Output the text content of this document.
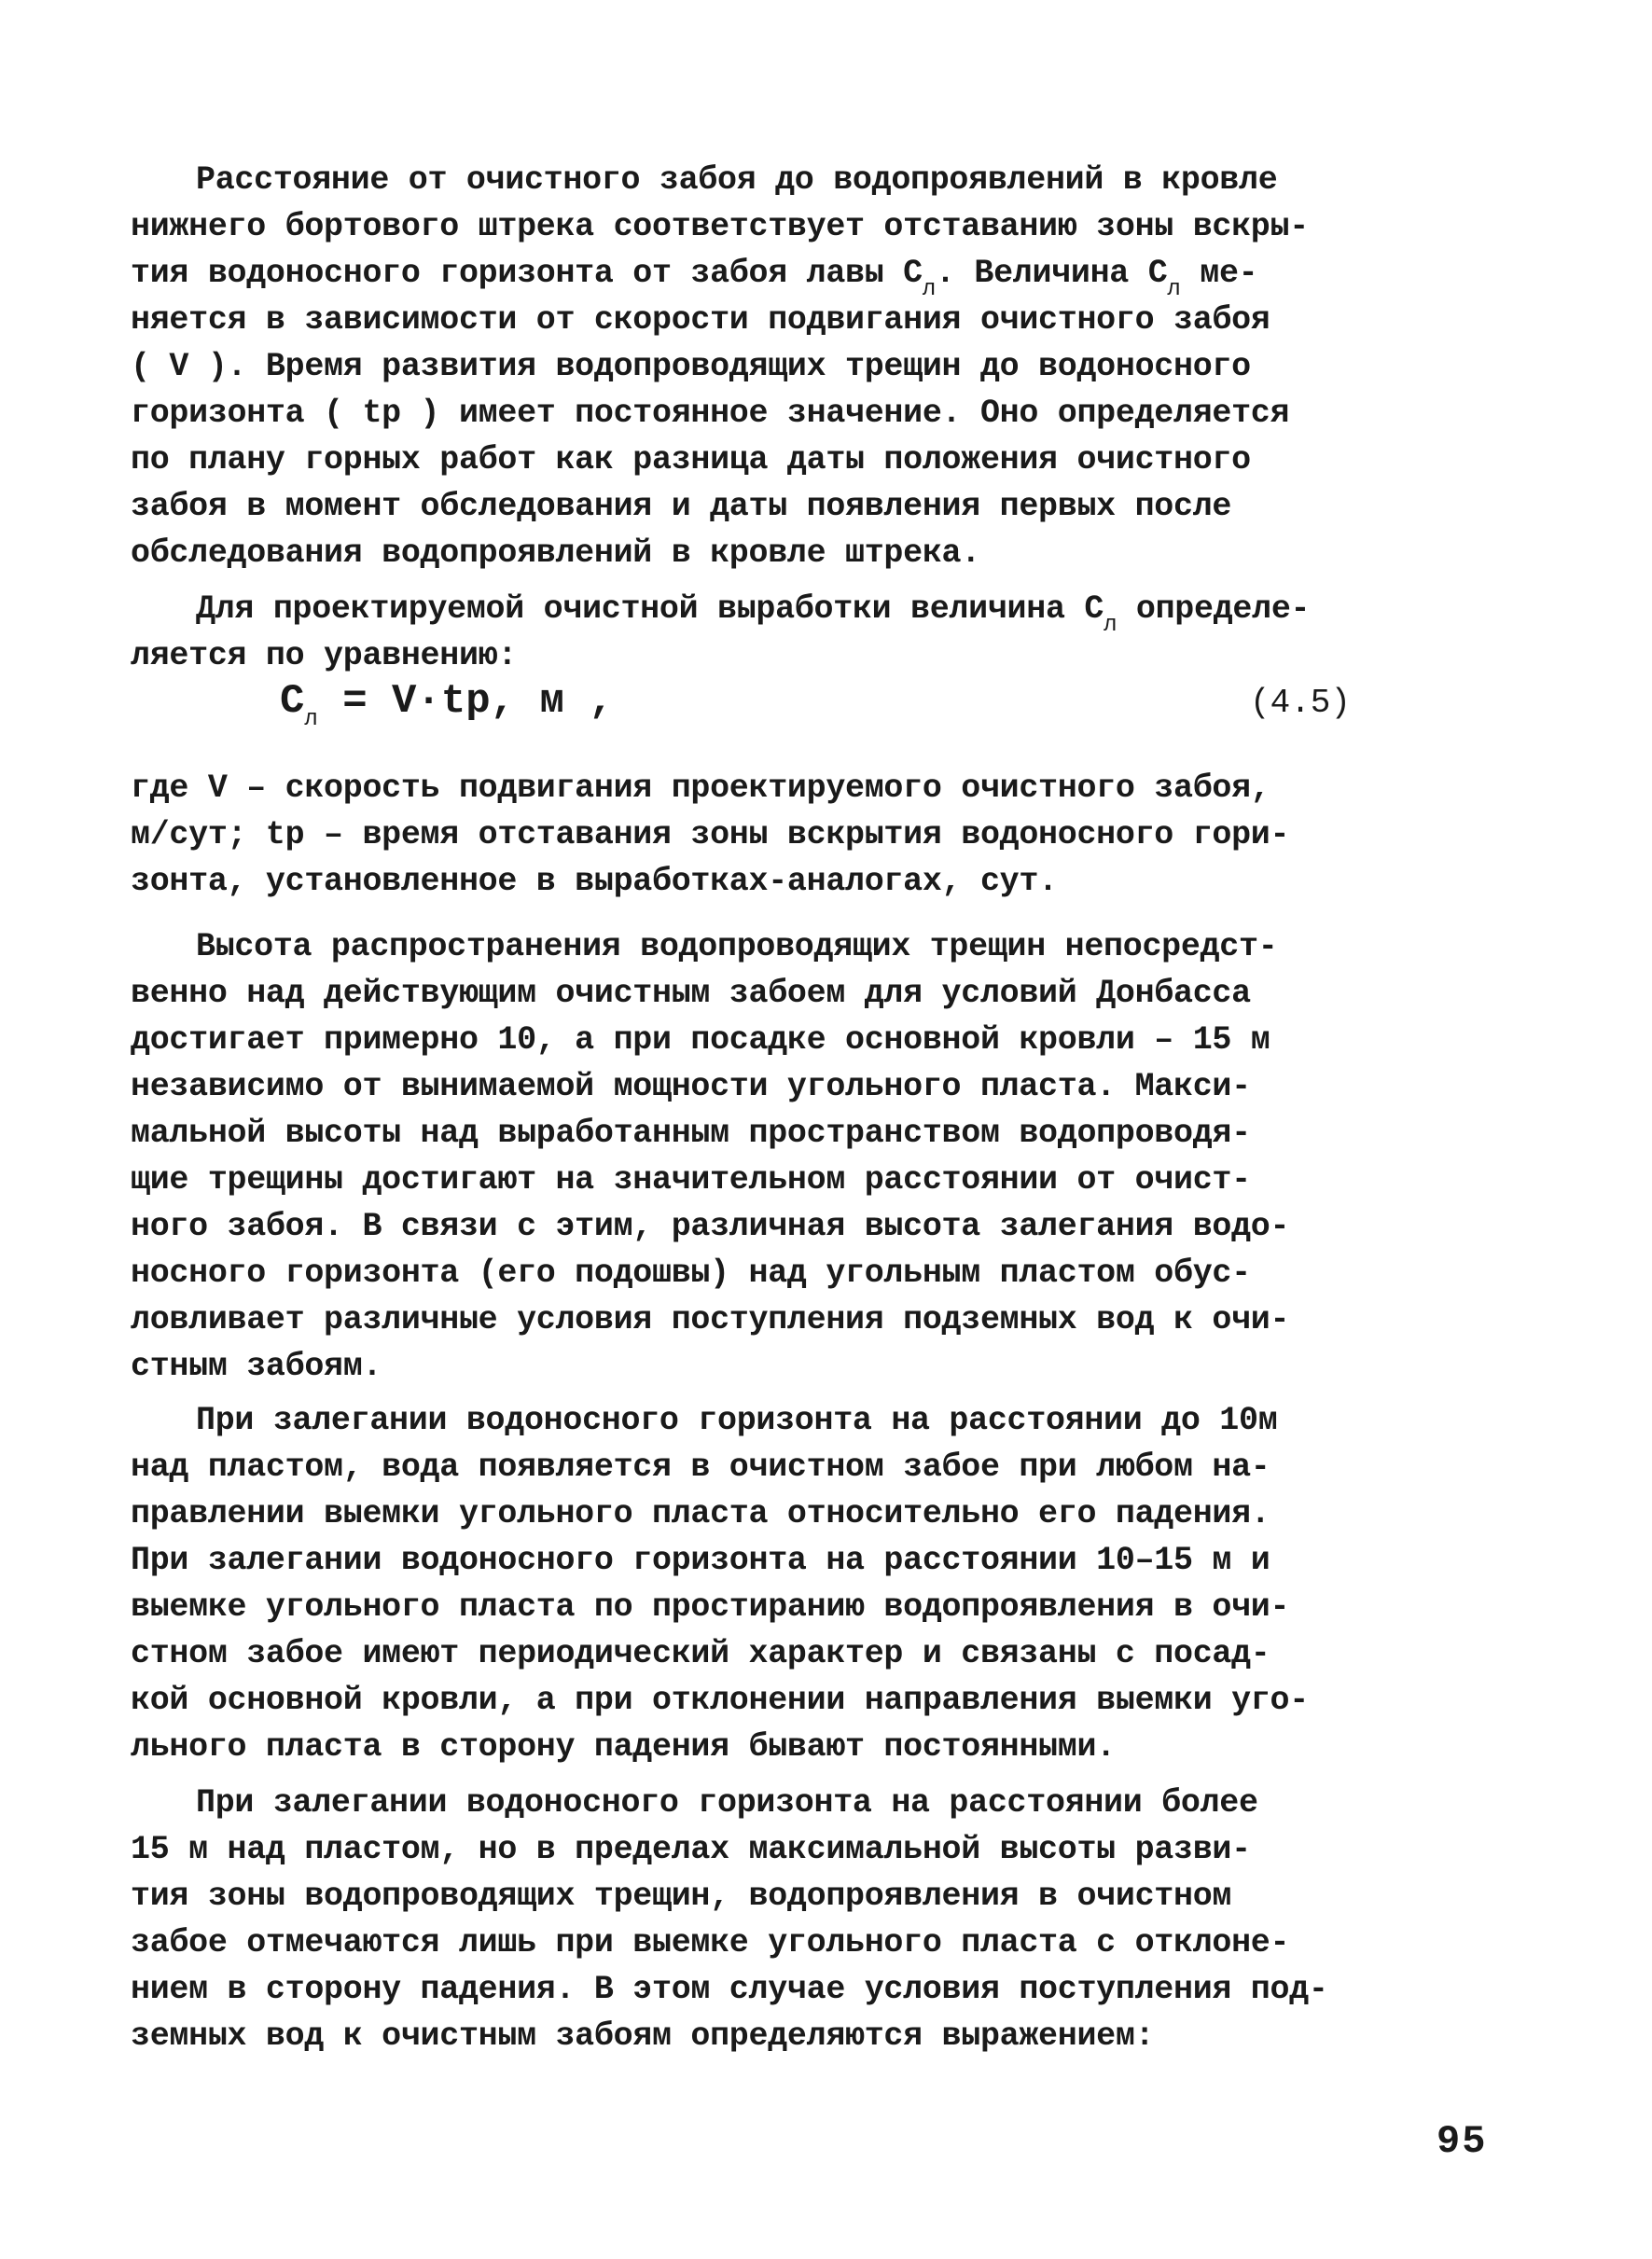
Расстояние от очистного забоя до водопроявлений в кровле
нижнего бортового штрека соответствует отставанию зоны вскры-
тия водоносного горизонта от забоя лавы $С_л$. Величина $С_л$ ме-
няется в зависимости от скорости подвигания очистного забоя
( V ). Время развития водопроводящих трещин до водоносного
горизонта ( tр ) имеет постоянное значение. Оно определяется
по плану горных работ как разница даты положения очистного
забоя в момент обследования и даты появления первых после
обследования водопроявлений в кровле штрека.
Для проектируемой очистной выработки величина $С_л$ определе-
ляется по уравнению:
$С_л = V\cdot tр$, м ,	(4.5)
где V – скорость подвигания проектируемого очистного забоя,
м/сут; tр – время отставания зоны вскрытия водоносного гори-
зонта, установленное в выработках-аналогах, сут.
Высота распространения водопроводящих трещин непосредст-
венно над действующим очистным забоем для условий Донбасса
достигает примерно 10, а при посадке основной кровли – 15 м
независимо от вынимаемой мощности угольного пласта. Макси-
мальной высоты над выработанным пространством водопроводя-
щие трещины достигают на значительном расстоянии от очист-
ного забоя. В связи с этим, различная высота залегания водо-
носного горизонта (его подошвы) над угольным пластом обус-
ловливает различные условия поступления подземных вод к очи-
стным забоям.
При залегании водоносного горизонта на расстоянии до 10м
над пластом, вода появляется в очистном забое при любом на-
правлении выемки угольного пласта относительно его падения.
При залегании водоносного горизонта на расстоянии 10–15 м и
выемке угольного пласта по простиранию водопроявления в очи-
стном забое имеют периодический характер и связаны с посад-
кой основной кровли, а при отклонении направления выемки уго-
льного пласта в сторону падения бывают постоянными.
При залегании водоносного горизонта на расстоянии более
15 м над пластом, но в пределах максимальной высоты разви-
тия зоны водопроводящих трещин, водопроявления в очистном
забое отмечаются лишь при выемке угольного пласта с отклоне-
нием в сторону падения. В этом случае условия поступления под-
земных вод к очистным забоям определяются выражением:
95
